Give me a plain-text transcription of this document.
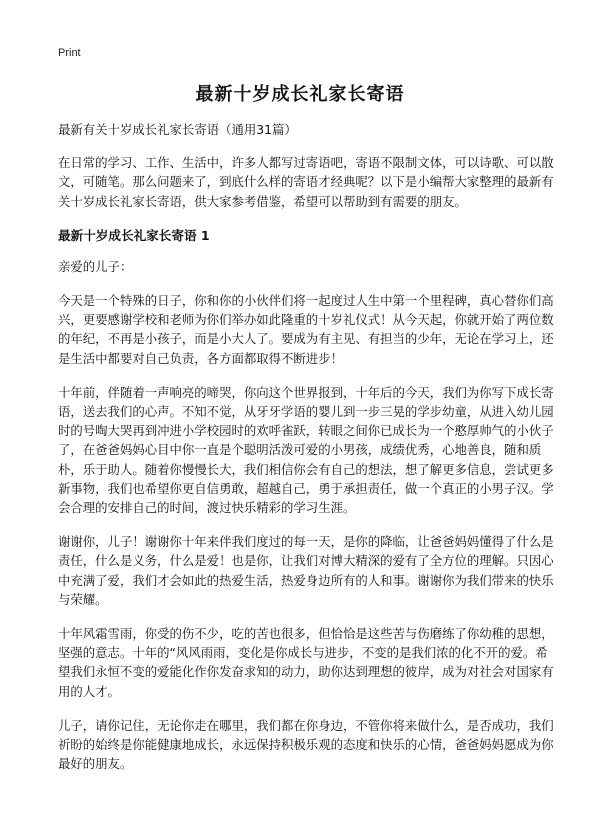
Print
最新十岁成长礼家长寄语

最新有关十岁成长礼家长寄语（通用31篇）

在日常的学习、工作、生活中，许多人都写过寄语吧，寄语不限制文体，可以诗歌、可以散文，可随笔。那么问题来了，到底什么样的寄语才经典呢？以下是小编帮大家整理的最新有关十岁成长礼家长寄语，供大家参考借鉴，希望可以帮助到有需要的朋友。

最新十岁成长礼家长寄语 1

亲爱的儿子：

今天是一个特殊的日子，你和你的小伙伴们将一起度过人生中第一个里程碑，真心替你们高兴，更要感谢学校和老师为你们举办如此隆重的十岁礼仪式！从今天起，你就开始了两位数的年纪，不再是小孩子，而是小大人了。要成为有主见、有担当的少年，无论在学习上，还是生活中都要对自己负责，各方面都取得不断进步！

十年前，伴随着一声响亮的啼哭，你向这个世界报到，十年后的今天，我们为你写下成长寄语，送去我们的心声。不知不觉，从牙牙学语的婴儿到一步三晃的学步幼童，从进入幼儿园时的号啕大哭再到冲进小学校园时的欢呼雀跃，转眼之间你已成长为一个憨厚帅气的小伙子了，在爸爸妈妈心目中你一直是个聪明活泼可爱的小男孩，成绩优秀，心地善良，随和质朴，乐于助人。随着你慢慢长大，我们相信你会有自己的想法，想了解更多信息，尝试更多新事物，我们也希望你更自信勇敢，超越自己，勇于承担责任，做一个真正的小男子汉。学会合理的安排自己的时间，渡过快乐精彩的学习生涯。

谢谢你，儿子！谢谢你十年来伴我们度过的每一天，是你的降临，让爸爸妈妈懂得了什么是责任，什么是义务，什么是爱！也是你，让我们对博大精深的爱有了全方位的理解。只因心中充满了爱，我们才会如此的热爱生活，热爱身边所有的人和事。谢谢你为我们带来的快乐与荣耀。

十年风霜雪雨，你受的伤不少，吃的苦也很多，但恰恰是这些苦与伤磨练了你幼稚的思想，坚强的意志。十年的“风风雨雨，变化是你成长与进步，不变的是我们浓的化不开的爱。希望我们永恒不变的爱能化作你发奋求知的动力，助你达到理想的彼岸，成为对社会对国家有用的人才。

儿子，请你记住，无论你走在哪里，我们都在你身边，不管你将来做什么，是否成功，我们祈盼的始终是你能健康地成长，永远保持积极乐观的态度和快乐的心情，爸爸妈妈愿成为你最好的朋友。
